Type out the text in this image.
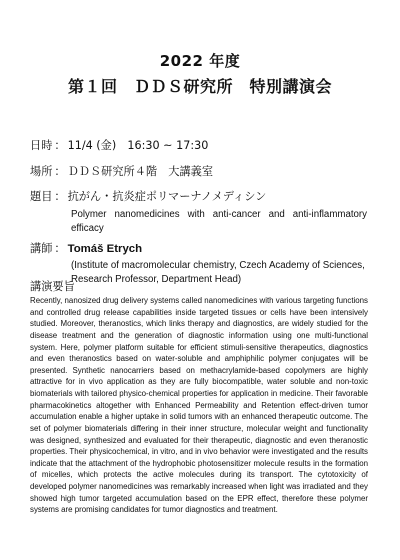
2022 年度
第１回　ＤＤＳ研究所　特別講演会
日時 ： 11/4 (金)　16:30 ~ 17:30
場所 ： ＤＤＳ研究所４階　大講義室
題目 ： 抗がん・抗炎症ポリマーナノメディシン
Polymer nanomedicines with anti-cancer and anti-inflammatory efficacy
講師 ： Tomáš Etrych
(Institute of macromolecular chemistry, Czech Academy of Sciences, Research Professor, Department Head)
講演要旨
Recently, nanosized drug delivery systems called nanomedicines with various targeting functions and controlled drug release capabilities inside targeted tissues or cells have been intensively studied. Moreover, theranostics, which links therapy and diagnostics, are widely studied for the disease treatment and the generation of diagnostic information using one multi-functional system. Here, polymer platform suitable for efficient stimuli-sensitive therapeutics, diagnostics and even theranostics based on water-soluble and amphiphilic polymer conjugates will be presented. Synthetic nanocarriers based on methacrylamide-based copolymers are highly attractive for in vivo application as they are fully biocompatible, water soluble and non-toxic biomaterials with tailored physico-chemical properties for application in medicine. Their favorable pharmacokinetics altogether with Enhanced Permeability and Retention effect-driven tumor accumulation enable a higher uptake in solid tumors with an enhanced therapeutic outcome. The set of polymer biomaterials differing in their inner structure, molecular weight and functionality was designed, synthesized and evaluated for their therapeutic, diagnostic and even theranostic properties. Their physicochemical, in vitro, and in vivo behavior were investigated and the results indicate that the attachment of the hydrophobic photosensitizer molecule results in the formation of micelles, which protects the active molecules during its transport. The cytotoxicity of developed polymer nanomedicines was remarkably increased when light was irradiated and they showed high tumor targeted accumulation based on the EPR effect, therefore these polymer systems are promising candidates for tumor diagnostics and treatment.
